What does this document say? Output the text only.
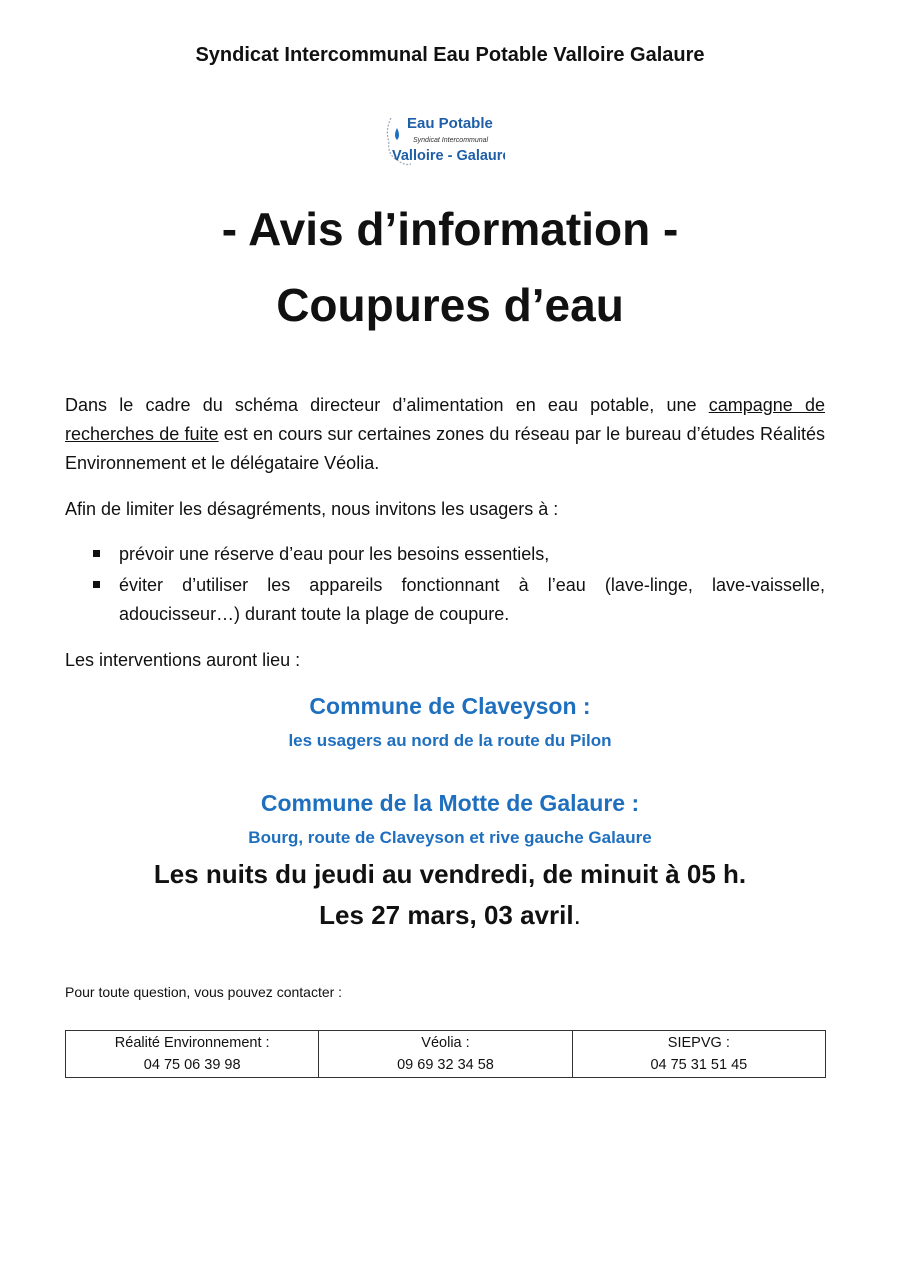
Syndicat Intercommunal Eau Potable Valloire Galaure
Eau Potable
Syndicat Intercommunal
Valloire - Galaure
- Avis d’information -
Coupures d’eau
Dans le cadre du schéma directeur d’alimentation en eau potable, une campagne de recherches de fuite est en cours sur certaines zones du réseau par le bureau d’études Réalités Environnement et le délégataire Véolia.
Afin de limiter les désagréments, nous invitons les usagers à :
prévoir une réserve d’eau pour les besoins essentiels,
éviter d’utiliser les appareils fonctionnant à l’eau (lave-linge, lave-vaisselle, adoucisseur…) durant toute la plage de coupure.
Les interventions auront lieu :
Commune de Claveyson :
les usagers au nord de la route du Pilon
Commune de la Motte de Galaure :
Bourg, route de Claveyson et rive gauche Galaure
Les nuits du jeudi au vendredi, de minuit à 05 h.
Les 27 mars, 03 avril.
Pour toute question, vous pouvez contacter :
Réalité Environnement :
04 75 06 39 98

Véolia :
09 69 32 34 58

SIEPVG :
04 75 31 51 45
